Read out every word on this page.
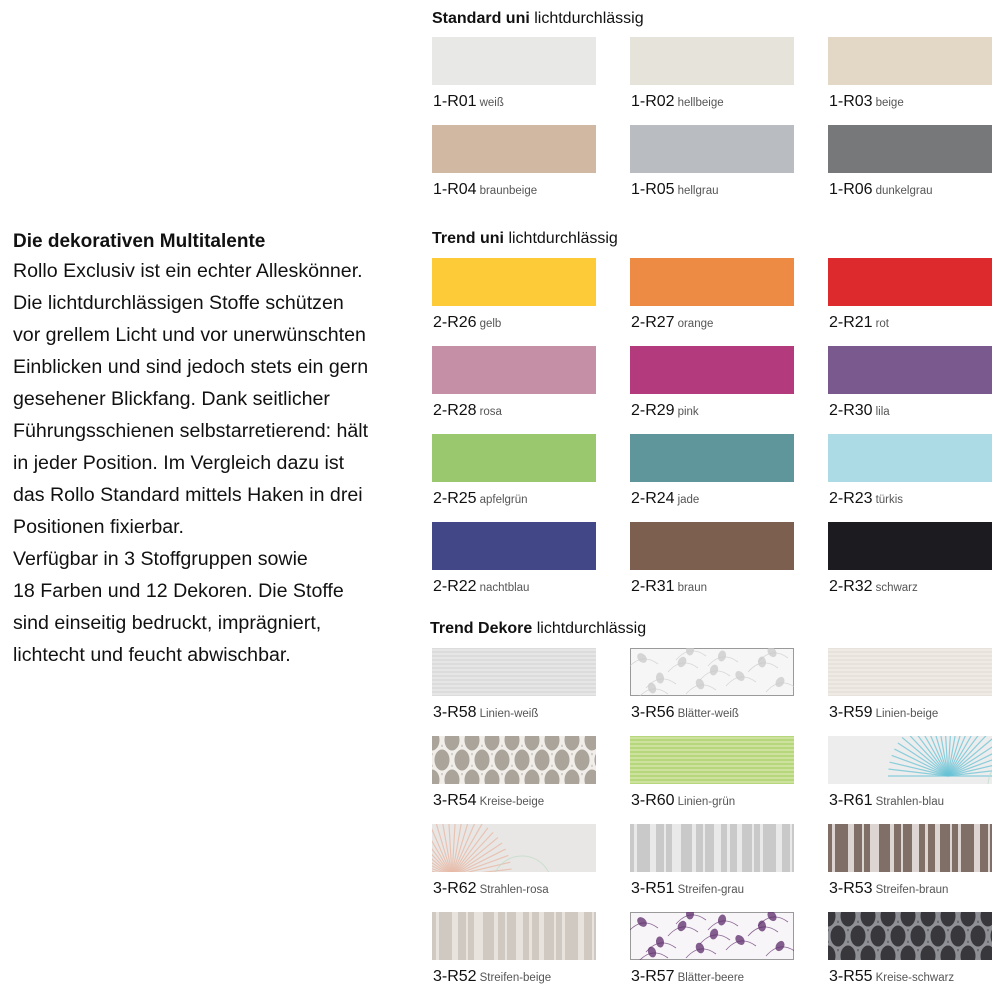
Die dekorativen Multitalente

Rollo Exclusiv ist ein echter Alleskönner.

Die lichtdurchlässigen Stoffe schützen

vor grellem Licht und vor unerwünschten

Einblicken und sind jedoch stets ein gern

gesehener Blickfang. Dank seitlicher

Führungsschienen selbstarretierend: hält

in jeder Position. Im Vergleich dazu ist

das Rollo Standard mittels Haken in drei

Positionen fixierbar.

Verfügbar in 3 Stoffgruppen sowie

18 Farben und 12 Dekoren. Die Stoffe

sind einseitig bedruckt, imprägniert,

lichtecht und feucht abwischbar.

Standard uni lichtdurchlässig
1-R01 weiß	1-R02 hellbeige	1-R03 beige
1-R04 braunbeige	1-R05 hellgrau	1-R06 dunkelgrau
Trend uni lichtdurchlässig
2-R26 gelb	2-R27 orange	2-R21 rot
2-R28 rosa	2-R29 pink	2-R30 lila
2-R25 apfelgrün	2-R24 jade	2-R23 türkis
2-R22 nachtblau	2-R31 braun	2-R32 schwarz
Trend Dekore lichtdurchlässig
3-R58 Linien-weiß	3-R56 Blätter-weiß	3-R59 Linien-beige
3-R54 Kreise-beige	3-R60 Linien-grün	3-R61 Strahlen-blau
3-R62 Strahlen-rosa	3-R51 Streifen-grau	3-R53 Streifen-braun
3-R52 Streifen-beige	3-R57 Blätter-beere	3-R55 Kreise-schwarz
